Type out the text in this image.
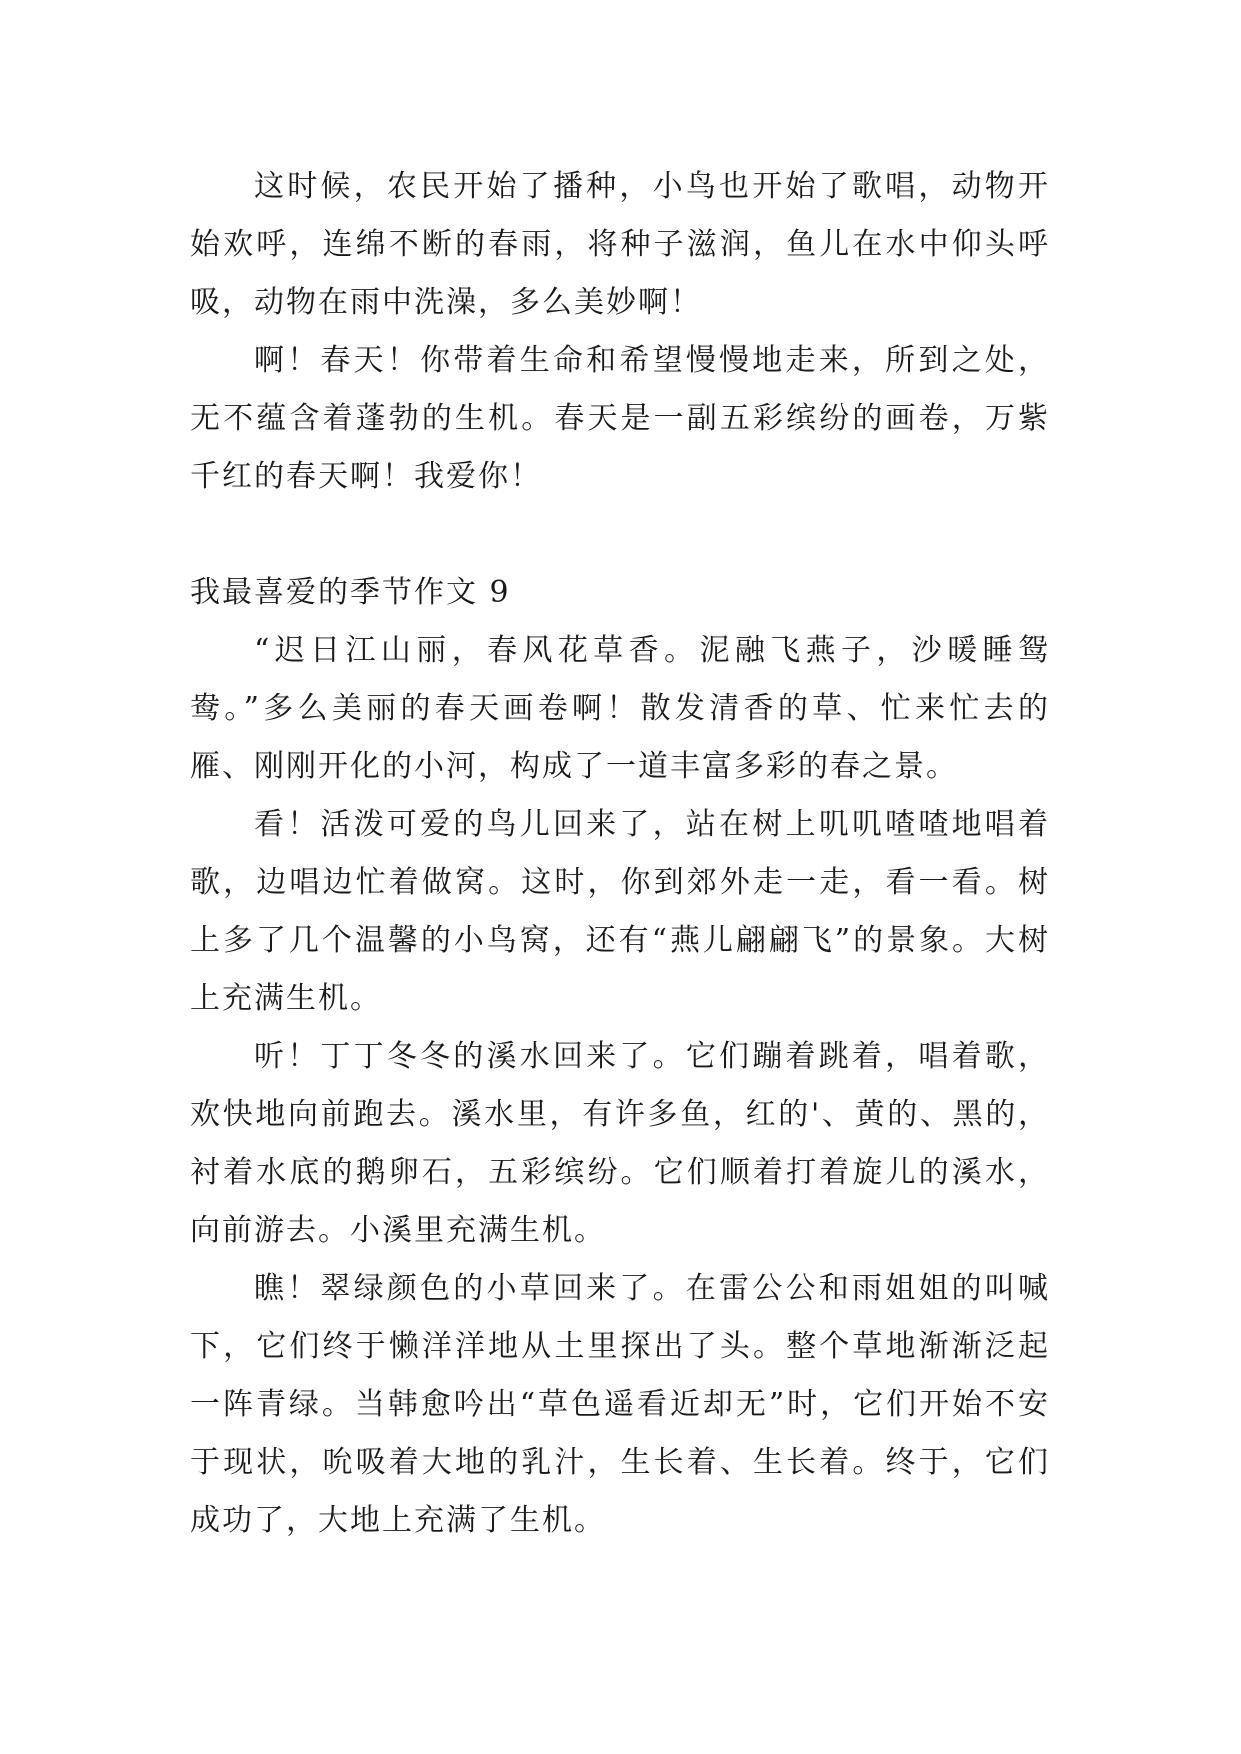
这时候，农民开始了播种，小鸟也开始了歌唱，动物开始欢呼，连绵不断的春雨，将种子滋润，鱼儿在水中仰头呼吸，动物在雨中洗澡，多么美妙啊！

啊！春天！你带着生命和希望慢慢地走来，所到之处，无不蕴含着蓬勃的生机。春天是一副五彩缤纷的画卷，万紫千红的春天啊！我爱你！

我最喜爱的季节作文 9

“迟日江山丽，春风花草香。泥融飞燕子，沙暖睡鸳鸯。”多么美丽的春天画卷啊！散发清香的草、忙来忙去的雁、刚刚开化的小河，构成了一道丰富多彩的春之景。

看！活泼可爱的鸟儿回来了，站在树上叽叽喳喳地唱着歌，边唱边忙着做窝。这时，你到郊外走一走，看一看。树上多了几个温馨的小鸟窝，还有“燕儿翩翩飞”的景象。大树上充满生机。

听！丁丁冬冬的溪水回来了。它们蹦着跳着，唱着歌，欢快地向前跑去。溪水里，有许多鱼，红的'、黄的、黑的，衬着水底的鹅卵石，五彩缤纷。它们顺着打着旋儿的溪水，向前游去。小溪里充满生机。

瞧！翠绿颜色的小草回来了。在雷公公和雨姐姐的叫喊下，它们终于懒洋洋地从土里探出了头。整个草地渐渐泛起一阵青绿。当韩愈吟出“草色遥看近却无”时，它们开始不安于现状，吮吸着大地的乳汁，生长着、生长着。终于，它们成功了，大地上充满了生机。
